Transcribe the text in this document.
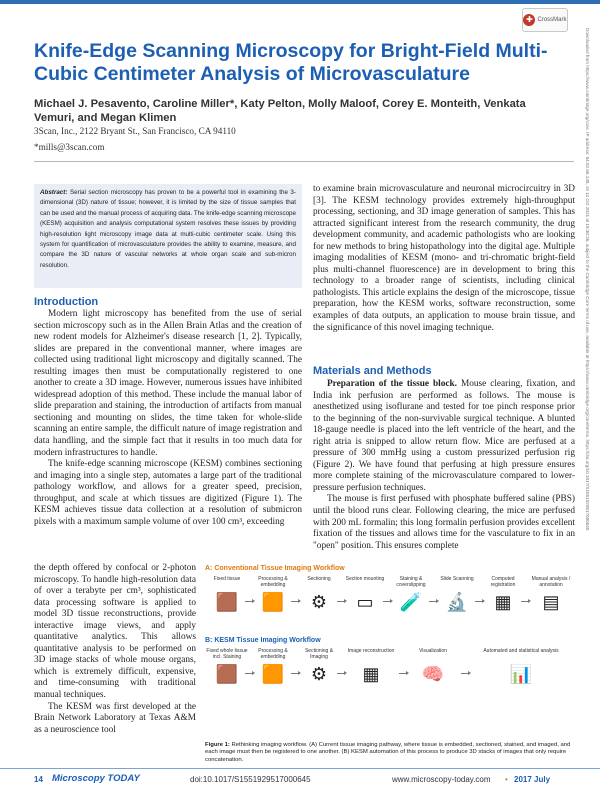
✚ CrossMark
Downloaded from https://www.cambridge.org/core. IP address: 54.82.56.148, on 11 Oct 2021 at 18:30:26, subject to the Cambridge Core terms of use, available at https://www.cambridge.org/core/terms. https://doi.org/10.1017/S1551929517000645
Knife-Edge Scanning Microscopy for Bright-Field Multi-Cubic Centimeter Analysis of Microvasculature

Michael J. Pesavento, Caroline Miller*, Katy Pelton, Molly Maloof, Corey E. Monteith, Venkata Vemuri, and Megan Klimen

3Scan, Inc., 2122 Bryant St., San Francisco, CA 94110

*mills@3scan.com

Abstract: Serial section microscopy has proven to be a powerful tool in examining the 3-dimensional (3D) nature of tissue; however, it is limited by the size of tissue samples that can be used and the manual process of acquiring data. The knife-edge scanning microscope (KESM) acquisition and analysis computational system resolves these issues by providing high-resolution light microscopy image data at multi-cubic centimeter scale. Using this system for quantification of microvasculature provides the ability to examine, measure, and compare the 3D nature of vascular networks at whole organ scale and sub-micron resolution.

Introduction

Modern light microscopy has benefited from the use of serial section microscopy such as in the Allen Brain Atlas and the creation of new rodent models for Alzheimer's disease research [1, 2]. Typically, slides are prepared in the conventional manner, where images are collected using traditional light microscopy and digitally scanned. The resulting images then must be computationally registered to one another to create a 3D image. However, numerous issues have inhibited widespread adoption of this method. These include the manual labor of slide preparation and staining, the introduction of artifacts from manual sectioning and mounting on slides, the time taken for whole-slide scanning an entire sample, the difficult nature of image registration and data handling, and the simple fact that it results in too much data for modern infrastructures to handle.

The knife-edge scanning microscope (KESM) combines sectioning and imaging into a single step, automates a large part of the traditional pathology workflow, and allows for a greater speed, precision, throughput, and scale at which tissues are digitized (Figure 1). The KESM achieves tissue data collection at a resolution of submicron pixels with a maximum sample volume of over 100 cm³, exceeding

the depth offered by confocal or 2-photon microscopy. To handle high-resolution data of over a terabyte per cm³, sophisticated data processing software is applied to model 3D tissue reconstructions, provide interactive image views, and apply quantitative analytics. This allows quantitative analysis to be performed on 3D image stacks of whole mouse organs, which is extremely difficult, expensive, and time-consuming with traditional manual techniques.

The KESM was first developed at the Brain Network Laboratory at Texas A&M as a neuroscience tool

to examine brain microvasculature and neuronal microcircuitry in 3D [3]. The KESM technology provides extremely high-throughput processing, sectioning, and 3D image generation of samples. This has attracted significant interest from the research community, the drug development community, and academic pathologists who are looking for new methods to bring histopathology into the digital age. Multiple imaging modalities of KESM (mono- and tri-chromatic bright-field plus multi-channel fluorescence) are in development to bring this technology to a broader range of scientists, including clinical pathologists. This article explains the design of the microscope, tissue preparation, how the KESM works, software reconstruction, some examples of data outputs, an application to mouse brain tissue, and the significance of this novel imaging technique.

Materials and Methods

Preparation of the tissue block. Mouse clearing, fixation, and India ink perfusion are performed as follows. The mouse is anesthetized using isoflurane and tested for toe pinch response prior to the beginning of the non-survivable surgical technique. A blunted 18-gauge needle is placed into the left ventricle of the heart, and the right atria is snipped to allow return flow. Mice are perfused at a pressure of 300 mmHg using a custom pressurized perfusion rig (Figure 2). We have found that perfusing at high pressure ensures more complete staining of the microvasculature compared to lower-pressure perfusion techniques.

The mouse is first perfused with phosphate buffered saline (PBS) until the blood runs clear. Following clearing, the mice are perfused with 200 mL formalin; this long formalin perfusion provides excellent fixation of the tissues and allows time for the vasculature to fix in an "open" position. This ensures complete

A: Conventional Tissue Imaging Workflow

Fixed tissue
🟫
Processing & embedding
🟧
Sectioning
⚙
Section mounting
▭
Staining & coverslipping
🧪
Slide Scanning
🔬
Computed registration
▦
Manual analysis / annotation
▤

B: KESM Tissue Imaging Workflow

Fixed whole tissue incl. Staining
🟫
Processing & embedding
🟧
Sectioning & Imaging
⚙
Image reconstruction
▦
Visualization
🧠
Automated and statistical analysis
📊

Figure 1: Rethinking imaging workflow. (A) Current tissue imaging pathway, where tissue is embedded, sectioned, stained, and imaged, and each image must then be registered to one another. (B) KESM automation of this process to produce 3D stacks of images that only require concatenation.

14 Microscopy TODAY	doi:10.1017/S1551929517000645	www.microscopy-today.com • 2017 July
